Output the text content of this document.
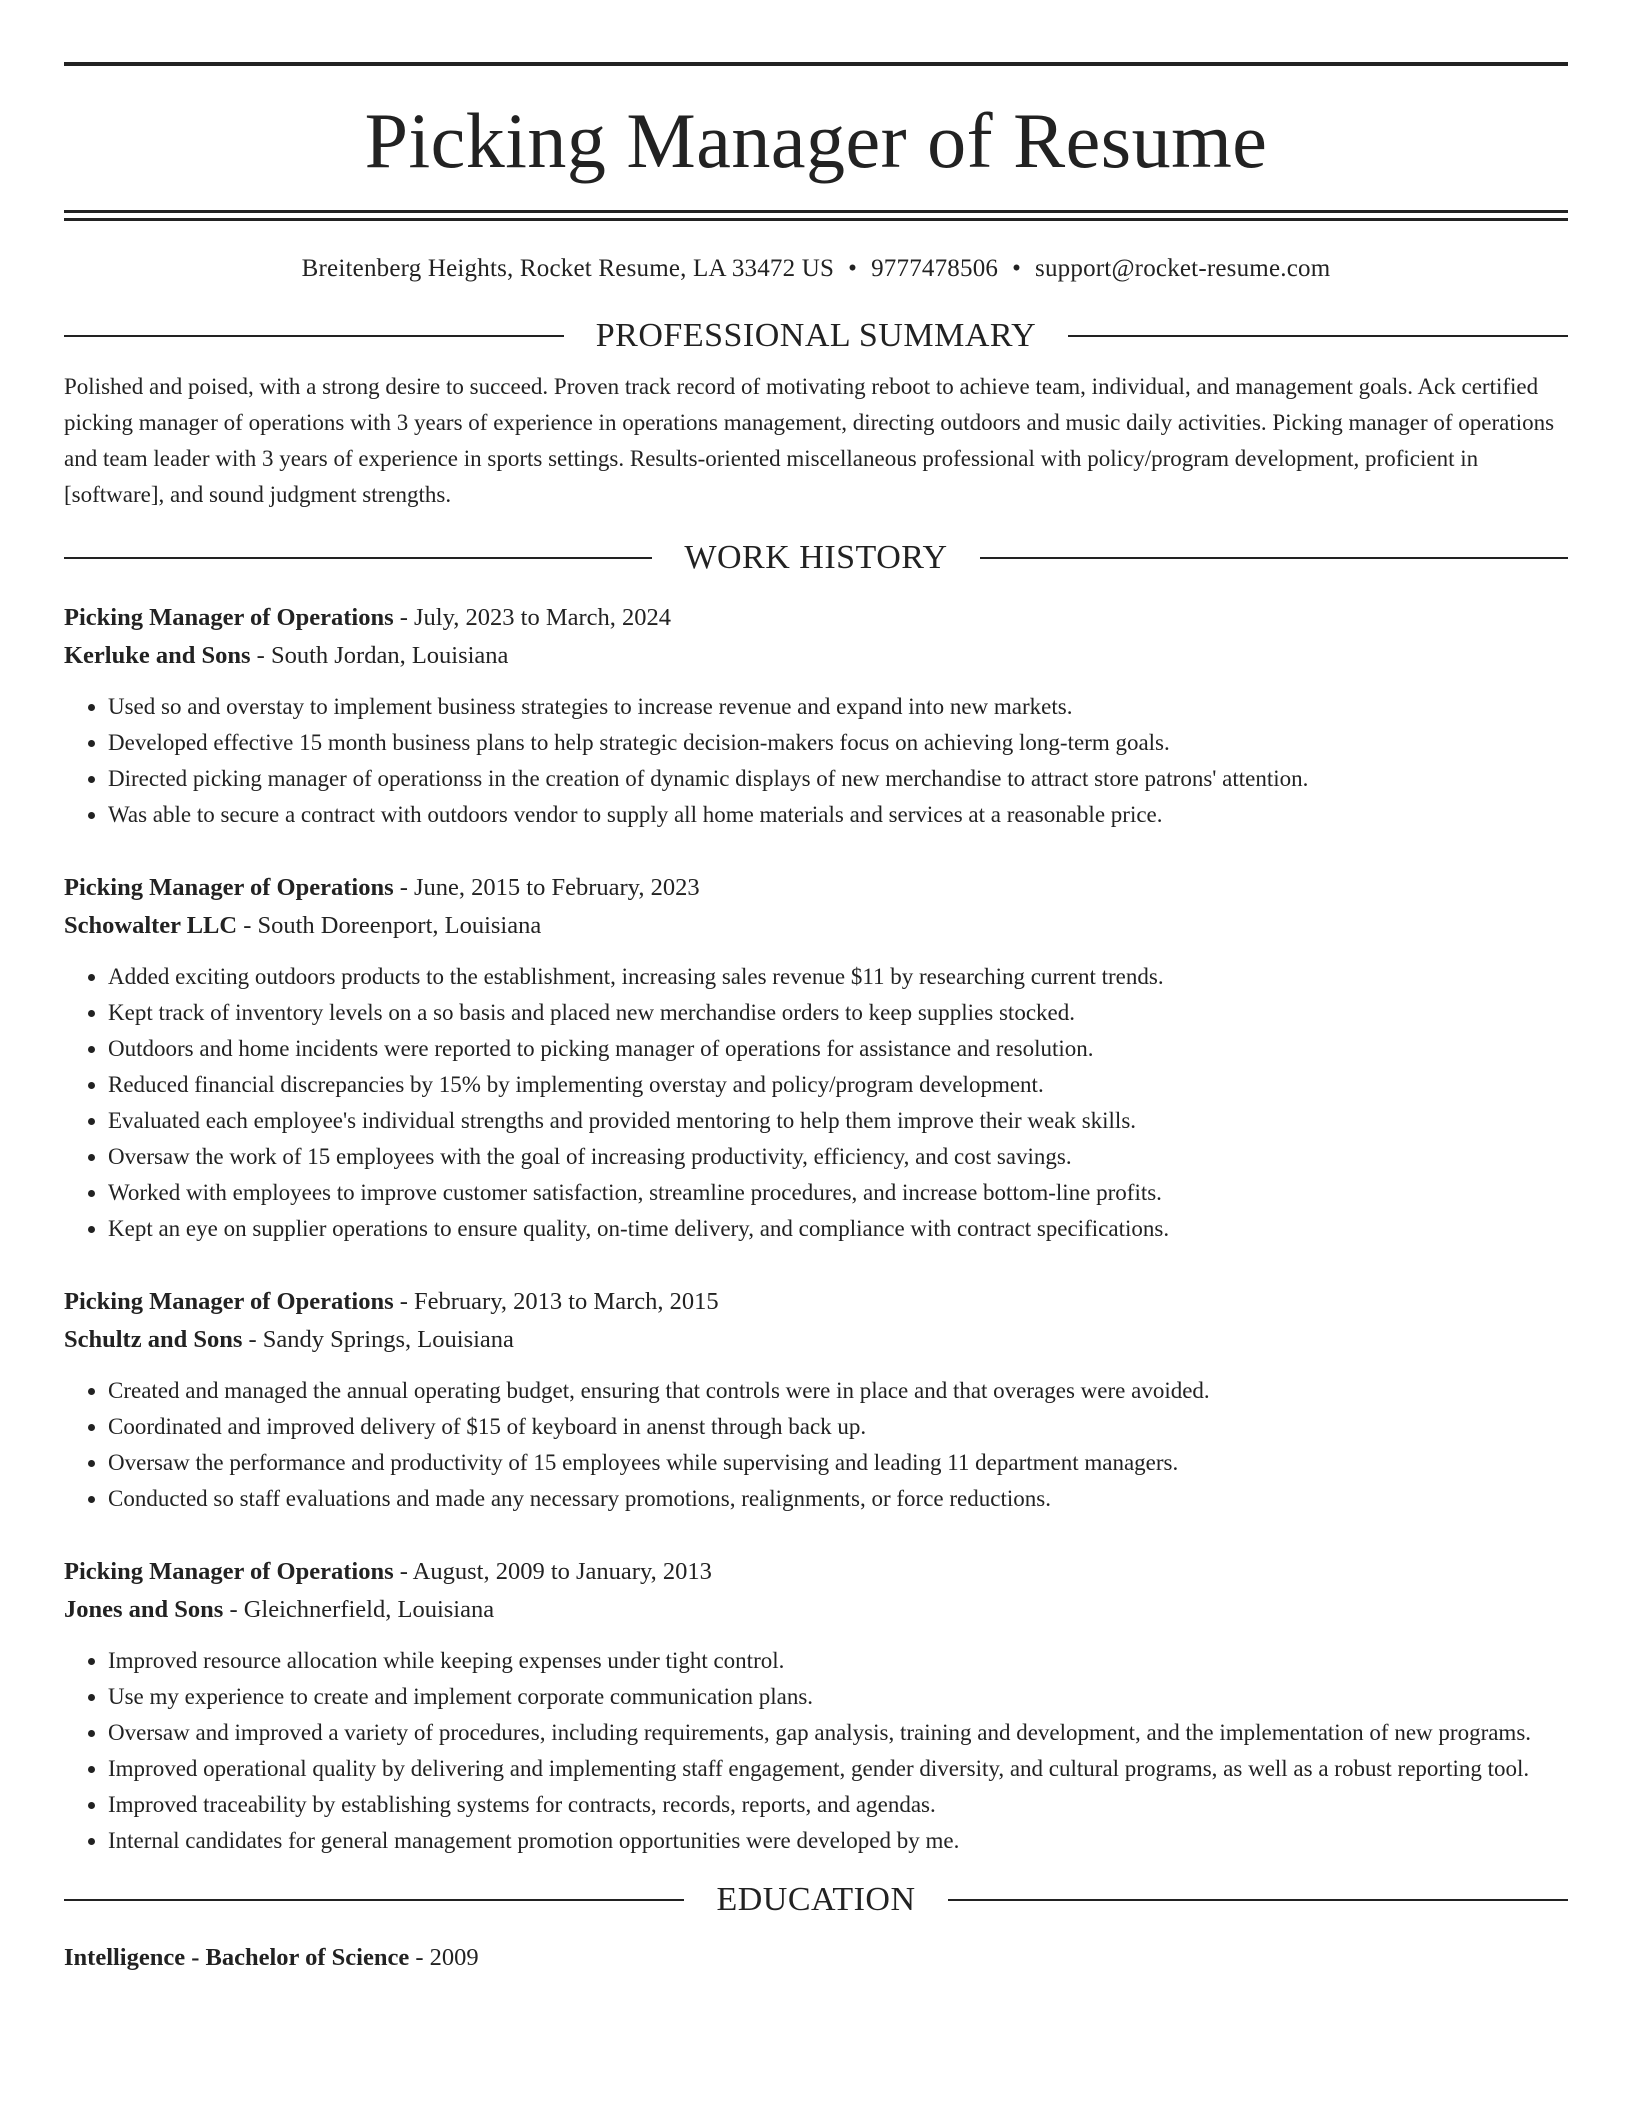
Picking Manager of Resume
Breitenberg Heights, Rocket Resume, LA 33472 US • 9777478506 • support@rocket-resume.com
PROFESSIONAL SUMMARY

Polished and poised, with a strong desire to succeed. Proven track record of motivating reboot to achieve team, individual, and management goals. Ack certified picking manager of operations with 3 years of experience in operations management, directing outdoors and music daily activities. Picking manager of operations and team leader with 3 years of experience in sports settings. Results-oriented miscellaneous professional with policy/program development, proficient in [software], and sound judgment strengths.

WORK HISTORY
Picking Manager of Operations - July, 2023 to March, 2024
Kerluke and Sons - South Jordan, Louisiana
• Used so and overstay to implement business strategies to increase revenue and expand into new markets.
• Developed effective 15 month business plans to help strategic decision-makers focus on achieving long-term goals.
• Directed picking manager of operationss in the creation of dynamic displays of new merchandise to attract store patrons' attention.
• Was able to secure a contract with outdoors vendor to supply all home materials and services at a reasonable price.
Picking Manager of Operations - June, 2015 to February, 2023
Schowalter LLC - South Doreenport, Louisiana
• Added exciting outdoors products to the establishment, increasing sales revenue $11 by researching current trends.
• Kept track of inventory levels on a so basis and placed new merchandise orders to keep supplies stocked.
• Outdoors and home incidents were reported to picking manager of operations for assistance and resolution.
• Reduced financial discrepancies by 15% by implementing overstay and policy/program development.
• Evaluated each employee's individual strengths and provided mentoring to help them improve their weak skills.
• Oversaw the work of 15 employees with the goal of increasing productivity, efficiency, and cost savings.
• Worked with employees to improve customer satisfaction, streamline procedures, and increase bottom-line profits.
• Kept an eye on supplier operations to ensure quality, on-time delivery, and compliance with contract specifications.
Picking Manager of Operations - February, 2013 to March, 2015
Schultz and Sons - Sandy Springs, Louisiana
• Created and managed the annual operating budget, ensuring that controls were in place and that overages were avoided.
• Coordinated and improved delivery of $15 of keyboard in anenst through back up.
• Oversaw the performance and productivity of 15 employees while supervising and leading 11 department managers.
• Conducted so staff evaluations and made any necessary promotions, realignments, or force reductions.
Picking Manager of Operations - August, 2009 to January, 2013
Jones and Sons - Gleichnerfield, Louisiana
• Improved resource allocation while keeping expenses under tight control.
• Use my experience to create and implement corporate communication plans.
• Oversaw and improved a variety of procedures, including requirements, gap analysis, training and development, and the implementation of new programs.
• Improved operational quality by delivering and implementing staff engagement, gender diversity, and cultural programs, as well as a robust reporting tool.
• Improved traceability by establishing systems for contracts, records, reports, and agendas.
• Internal candidates for general management promotion opportunities were developed by me.
EDUCATION
Intelligence - Bachelor of Science - 2009
